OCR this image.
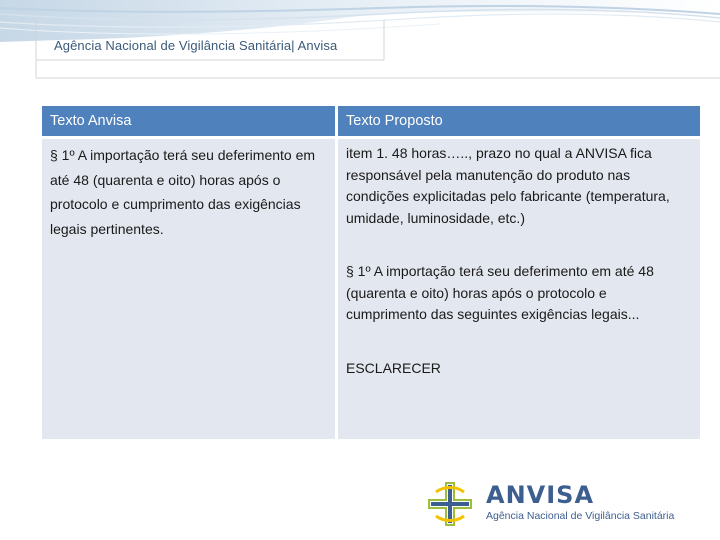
Agência Nacional de Vigilância Sanitária| Anvisa
Texto Anvisa	Texto Proposto

§ 1º A importação terá seu deferimento em até 48 (quarenta e oito) horas após o protocolo e cumprimento das exigências legais pertinentes.

item 1. 48 horas….., prazo no qual a ANVISA fica responsável pela manutenção do produto nas condições explicitadas pelo fabricante (temperatura, umidade, luminosidade, etc.)

§ 1º A importação terá seu deferimento em até 48 (quarenta e oito) horas após o protocolo e cumprimento das seguintes exigências legais...

ESCLARECER

ANVISA
Agência Nacional de Vigilância Sanitária
